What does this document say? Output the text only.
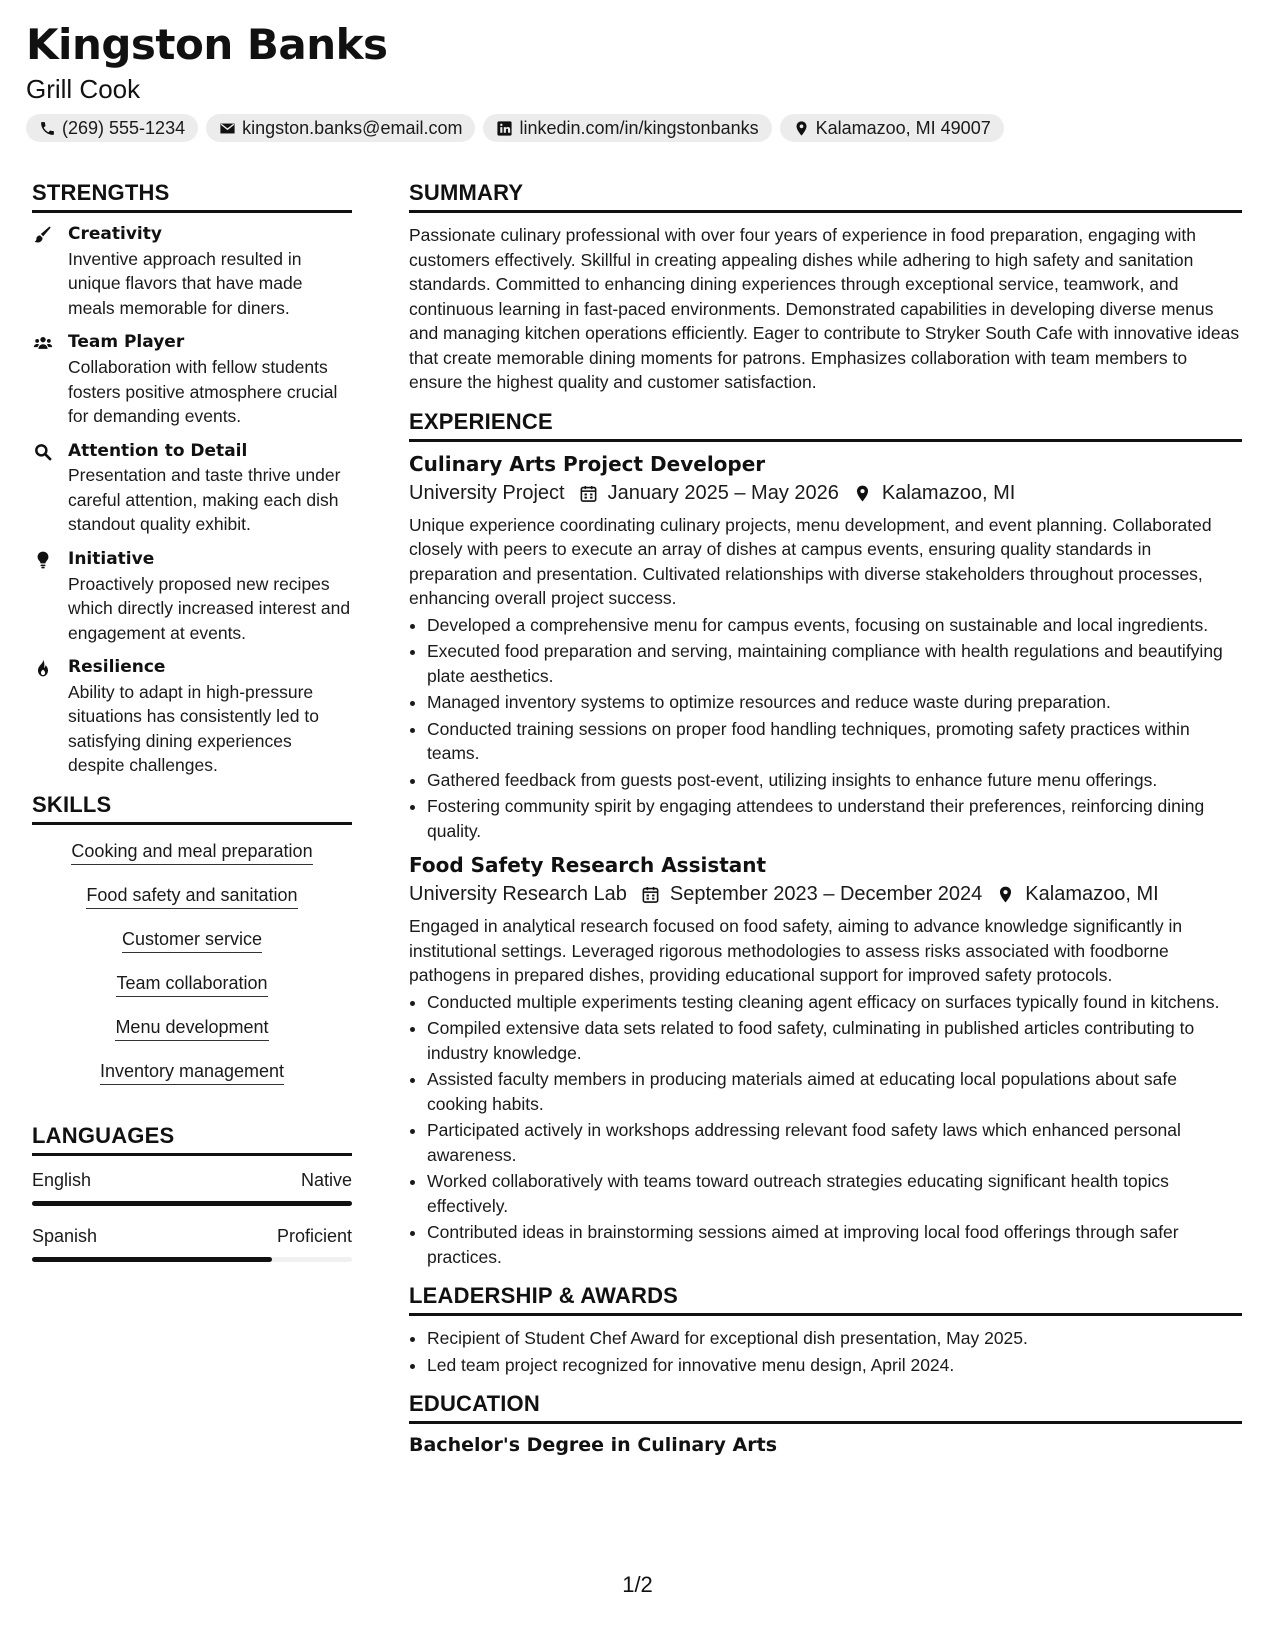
Kingston Banks
Grill Cook
(269) 555-1234	kingston.banks@email.com	linkedin.com/in/kingstonbanks	Kalamazoo, MI 49007
STRENGTHS
Creativity
Inventive approach resulted in unique flavors that have made meals memorable for diners.
Team Player
Collaboration with fellow students fosters positive atmosphere crucial for demanding events.
Attention to Detail
Presentation and taste thrive under careful attention, making each dish standout quality exhibit.
Initiative
Proactively proposed new recipes which directly increased interest and engagement at events.
Resilience
Ability to adapt in high-pressure situations has consistently led to satisfying dining experiences despite challenges.
SKILLS
Cooking and meal preparation
Food safety and sanitation
Customer service
Team collaboration
Menu development
Inventory management
LANGUAGES
English	Native
Spanish	Proficient
SUMMARY

Passionate culinary professional with over four years of experience in food preparation, engaging with customers effectively. Skillful in creating appealing dishes while adhering to high safety and sanitation standards. Committed to enhancing dining experiences through exceptional service, teamwork, and continuous learning in fast-paced environments. Demonstrated capabilities in developing diverse menus and managing kitchen operations efficiently. Eager to contribute to Stryker South Cafe with innovative ideas that create memorable dining moments for patrons. Emphasizes collaboration with team members to ensure the highest quality and customer satisfaction.

EXPERIENCE
Culinary Arts Project Developer
University Project January 2025 – May 2026 Kalamazoo, MI

Unique experience coordinating culinary projects, menu development, and event planning. Collaborated closely with peers to execute an array of dishes at campus events, ensuring quality standards in preparation and presentation. Cultivated relationships with diverse stakeholders throughout processes, enhancing overall project success.

• Developed a comprehensive menu for campus events, focusing on sustainable and local ingredients.
• Executed food preparation and serving, maintaining compliance with health regulations and beautifying plate aesthetics.
• Managed inventory systems to optimize resources and reduce waste during preparation.
• Conducted training sessions on proper food handling techniques, promoting safety practices within teams.
• Gathered feedback from guests post-event, utilizing insights to enhance future menu offerings.
• Fostering community spirit by engaging attendees to understand their preferences, reinforcing dining quality.
Food Safety Research Assistant
University Research Lab September 2023 – December 2024 Kalamazoo, MI

Engaged in analytical research focused on food safety, aiming to advance knowledge significantly in institutional settings. Leveraged rigorous methodologies to assess risks associated with foodborne pathogens in prepared dishes, providing educational support for improved safety protocols.

• Conducted multiple experiments testing cleaning agent efficacy on surfaces typically found in kitchens.
• Compiled extensive data sets related to food safety, culminating in published articles contributing to industry knowledge.
• Assisted faculty members in producing materials aimed at educating local populations about safe cooking habits.
• Participated actively in workshops addressing relevant food safety laws which enhanced personal awareness.
• Worked collaboratively with teams toward outreach strategies educating significant health topics effectively.
• Contributed ideas in brainstorming sessions aimed at improving local food offerings through safer practices.
LEADERSHIP & AWARDS
• Recipient of Student Chef Award for exceptional dish presentation, May 2025.
• Led team project recognized for innovative menu design, April 2024.
EDUCATION
Bachelor's Degree in Culinary Arts
1/2
